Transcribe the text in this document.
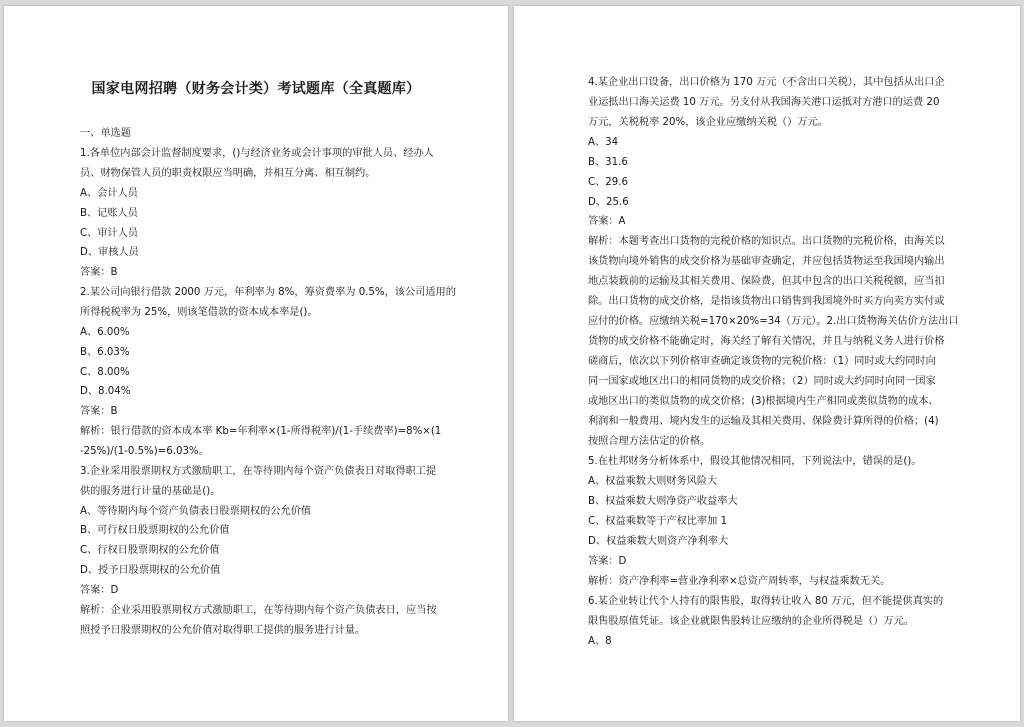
国家电网招聘（财务会计类）考试题库（全真题库）
一、单选题
1.各单位内部会计监督制度要求，()与经济业务或会计事项的审批人员、经办人
员、财物保管人员的职责权限应当明确，并相互分离、相互制约。
A、会计人员
B、记账人员
C、审计人员
D、审核人员
答案：B
2.某公司向银行借款 2000 万元，年利率为 8%，筹资费率为 0.5%，该公司适用的
所得税税率为 25%，则该笔借款的资本成本率是()。
A、6.00%
B、6.03%
C、8.00%
D、8.04%
答案：B
解析：银行借款的资本成本率 Kb=年利率×(1-所得税率)/(1-手续费率)=8%×(1
-25%)/(1-0.5%)=6.03%。
3.企业采用股票期权方式激励职工，在等待期内每个资产负债表日对取得职工提
供的服务进行计量的基础是()。
A、等待期内每个资产负债表日股票期权的公允价值
B、可行权日股票期权的公允价值
C、行权日股票期权的公允价值
D、授予日股票期权的公允价值
答案：D
解析：企业采用股票期权方式激励职工，在等待期内每个资产负债表日，应当按
照授予日股票期权的公允价值对取得职工提供的服务进行计量。
4.某企业出口设备，出口价格为 170 万元（不含出口关税），其中包括从出口企
业运抵出口海关运费 10 万元。另支付从我国海关港口运抵对方港口的运费 20
万元，关税税率 20%，该企业应缴纳关税（）万元。
A、34
B、31.6
C、29.6
D、25.6
答案：A
解析：本题考查出口货物的完税价格的知识点。出口货物的完税价格，由海关以
该货物向境外销售的成交价格为基础审查确定，并应包括货物运至我国境内输出
地点装载前的运输及其相关费用、保险费，但其中包含的出口关税税额，应当扣
除。出口货物的成交价格，是指该货物出口销售到我国境外时买方向卖方实付或
应付的价格。应缴纳关税=170×20%=34（万元）。2.出口货物海关估价方法出口
货物的成交价格不能确定时，海关经了解有关情况，并且与纳税义务人进行价格
磋商后，依次以下列价格审查确定该货物的完税价格：（1）同时或大约同时向
同一国家或地区出口的相同货物的成交价格；（2）同时或大约同时向同一国家
或地区出口的类似货物的成交价格；(3)根据境内生产相同或类似货物的成本、
利润和一般费用、境内发生的运输及其相关费用、保险费计算所得的价格；(4)
按照合理方法估定的价格。
5.在杜邦财务分析体系中，假设其他情况相同，下列说法中，错误的是()。
A、权益乘数大则财务风险大
B、权益乘数大则净资产收益率大
C、权益乘数等于产权比率加 1
D、权益乘数大则资产净利率大
答案：D
解析：资产净利率=营业净利率×总资产周转率，与权益乘数无关。
6.某企业转让代个人持有的限售股，取得转让收入 80 万元，但不能提供真实的
限售股原值凭证。该企业就限售股转让应缴纳的企业所得税是（）万元。
A、8
